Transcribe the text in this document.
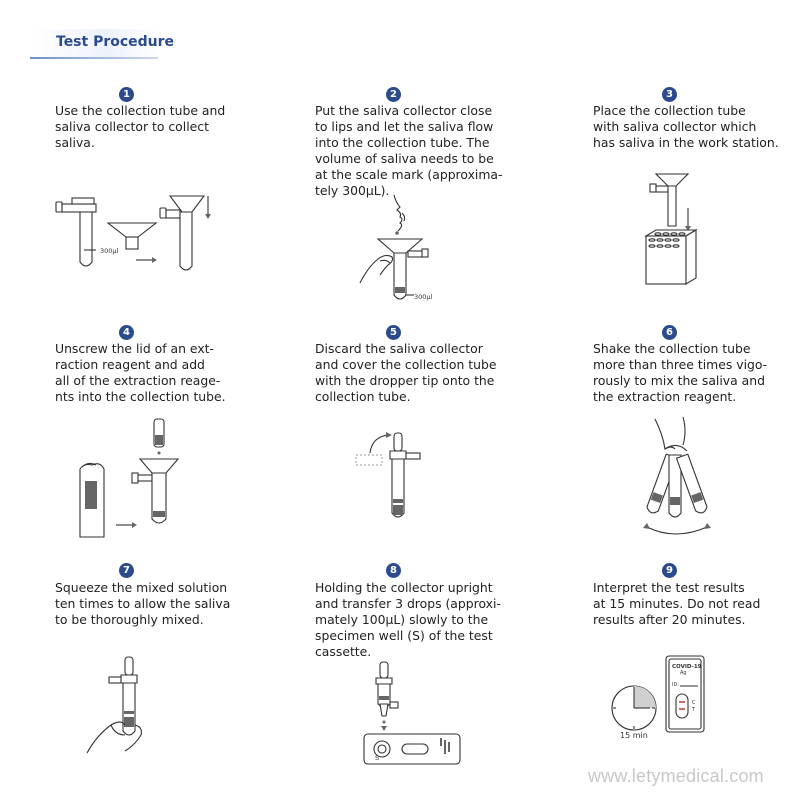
Test Procedure
1	2	3
4	5	6
7	8	9
Use the collection tube and
saliva collector to collect
saliva.
Put the saliva collector close
to lips and let the saliva flow
into the collection tube. The
volume of saliva needs to be
at the scale mark (approxima-
tely 300μL).
Place the collection tube
with saliva collector which
has saliva in the work station.
Unscrew the lid of an ext-
raction reagent and add
all of the extraction reage-
nts into the collection tube.
Discard the saliva collector
and cover the collection tube
with the dropper tip onto the
collection tube.
Shake the collection tube
more than three times vigo-
rously to mix the saliva and
the extraction reagent.
Squeeze the mixed solution
ten times to allow the saliva
to be thoroughly mixed.
Holding the collector upright
and transfer 3 drops (approxi-
mately 100μL) slowly to the
specimen well (S) of the test
cassette.
Interpret the test results
at 15 minutes. Do not read
results after 20 minutes.
300μl
300μl
S
15 min
COVID-19
Ag
ID:
C
T
www.letymedical.com
